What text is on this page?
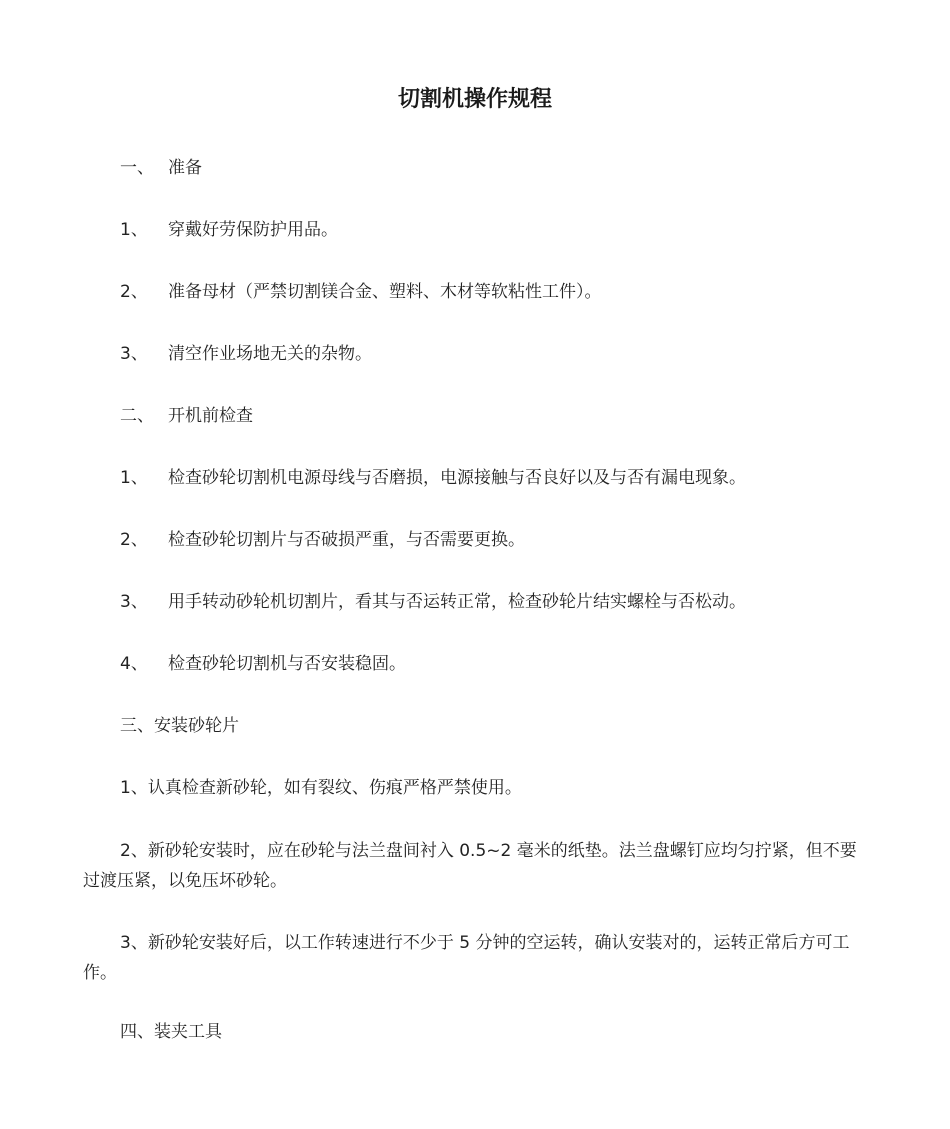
切割机操作规程
一、 准备
1、 穿戴好劳保防护用品。
2、 准备母材（严禁切割镁合金、塑料、木材等软粘性工件）。
3、 清空作业场地无关的杂物。
二、 开机前检查
1、 检查砂轮切割机电源母线与否磨损，电源接触与否良好以及与否有漏电现象。
2、 检查砂轮切割片与否破损严重，与否需要更换。
3、 用手转动砂轮机切割片，看其与否运转正常，检查砂轮片结实螺栓与否松动。
4、 检查砂轮切割机与否安装稳固。
三、安装砂轮片
1、认真检查新砂轮，如有裂纹、伤痕严格严禁使用。
2、新砂轮安装时，应在砂轮与法兰盘间衬入 0.5~2 毫米的纸垫。法兰盘螺钉应均匀拧紧，但不要过渡压紧，以免压坏砂轮。
3、新砂轮安装好后，以工作转速进行不少于 5 分钟的空运转，确认安装对的，运转正常后方可工作。
四、装夹工具
